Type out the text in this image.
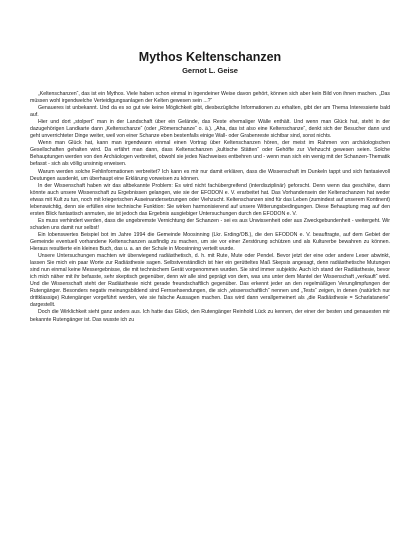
Mythos Keltenschanzen
Gernot L. Geise

„Keltenschanzen“, das ist ein Mythos. Viele haben schon einmal in irgendeiner Weise davon gehört, können sich aber kein Bild von ihnen machen. „Das müssen wohl irgendwelche Verteidigungsanlagen der Kelten gewesen sein ...?“

Genaueres ist unbekannt. Und da es so gut wie keine Möglichkeit gibt, diesbezügliche Informationen zu erhalten, gibt der am Thema Interessierte bald auf.

Hier und dort „stolpert“ man in der Landschaft über ein Gelände, das Reste ehemaliger Wälle enthält. Und wenn man Glück hat, steht in der dazugehörigen Landkarte dann „Keltenschanze“ (oder „Römerschanze“ o. ä.). „Aha, das ist also eine Keltenschanze“, denkt sich der Besucher dann und geht unverrichteter Dinge weiter, weil von einer Schanze eben bestenfalls einige Wall- oder Grabenreste sichtbar sind, sonst nichts.

Wenn man Glück hat, kann man irgendwann einmal einen Vortrag über Keltenschanzen hören, der meist im Rahmen von archäologischen Gesellschaften gehalten wird. Da erfährt man dann, dass Keltenschanzen „kultische Stätten“ oder Gehöfte zur Viehzucht gewesen seien. Solche Behauptungen werden von den Archäologen verbreitet, obwohl sie jedes Nachweises entbehren und - wenn man sich ein wenig mit der Schanzen-Thematik befasst - sich als völlig unsinnig erweisen.

Warum werden solche Fehlinformationen verbreitet? Ich kann es mir nur damit erklären, dass die Wissenschaft im Dunkeln tappt und sich fantasievoll Deutungen ausdenkt, um überhaupt eine Erklärung vorweisen zu können.

In der Wissenschaft haben wir das altbekannte Problem: Es wird nicht fachübergreifend (interdisziplinär) geforscht. Denn wenn das geschähe, dann könnte auch unsere Wissenschaft zu Ergebnissen gelangen, wie sie der EFODON e. V. erarbeitet hat. Das Vorhandensein der Keltenschanzen hat weder etwas mit Kult zu tun, noch mit kriegerischen Auseinandersetzungen oder Viehzucht. Keltenschanzen sind für das Leben (zumindest auf unserem Kontinent) lebenswichtig, denn sie erfüllen eine technische Funktion: Sie wirken harmonisierend auf unsere Witterungsbedingungen. Diese Behauptung mag auf den ersten Blick fantastisch anmuten, sie ist jedoch das Ergebnis ausgiebiger Untersuchungen durch den EFODON e. V.

Es muss verhindert werden, dass die ungebremste Vernichtung der Schanzen - sei es aus Unwissenheit oder aus Zweckgebundenheit - weitergeht. Wir schaden uns damit nur selbst!

Ein lobenswertes Beispiel bot im Jahre 1994 die Gemeinde Moosinning (Lkr. Erding/OB.), die den EFODON e. V. beauftragte, auf dem Gebiet der Gemeinde eventuell vorhandene Keltenschanzen ausfindig zu machen, um sie vor einer Zerstörung schützen und als Kulturerbe bewahren zu können. Hieraus resultierte ein kleines Buch, das u. a. an der Schule in Moosinning verteilt wurde.

Unsere Untersuchungen machten wir überwiegend radiästhetisch, d. h. mit Rute, Mute oder Pendel. Bevor jetzt der eine oder andere Leser abwinkt, lassen Sie mich ein paar Worte zur Radiästhesie sagen. Selbstverständlich ist hier ein gerütteltes Maß Skepsis angesagt, denn radiästhetische Mutungen sind nun einmal keine Messergebnisse, die mit technischem Gerät vorgenommen wurden. Sie sind immer subjektiv. Auch ich stand der Radiästhesie, bevor ich mich näher mit ihr befasste, sehr skeptisch gegenüber, denn wir alle sind geprägt von dem, was uns unter dem Mantel der Wissenschaft „verkauft“ wird. Und die Wissenschaft steht der Radiästhesie nicht gerade freundschaftlich gegenüber. Das erkennt jeder an den regelmäßigen Verunglimpfungen der Rutengänger. Besonders negativ meinungsbildend sind Fernsehsendungen, die sich „wissenschaftlich“ nennen und „Tests“ zeigen, in denen (natürlich nur drittklassige) Rutengänger vorgeführt werden, wie sie falsche Aussagen machen. Das wird dann verallgemeinert als „die Radiästhesie = Scharlatanerie“ dargestellt.

Doch die Wirklichkeit sieht ganz anders aus. Ich hatte das Glück, den Rutengänger Reinhold Lück zu kennen, der einer der besten und genauesten mir bekannte Rutengänger ist. Das wusste ich zu
